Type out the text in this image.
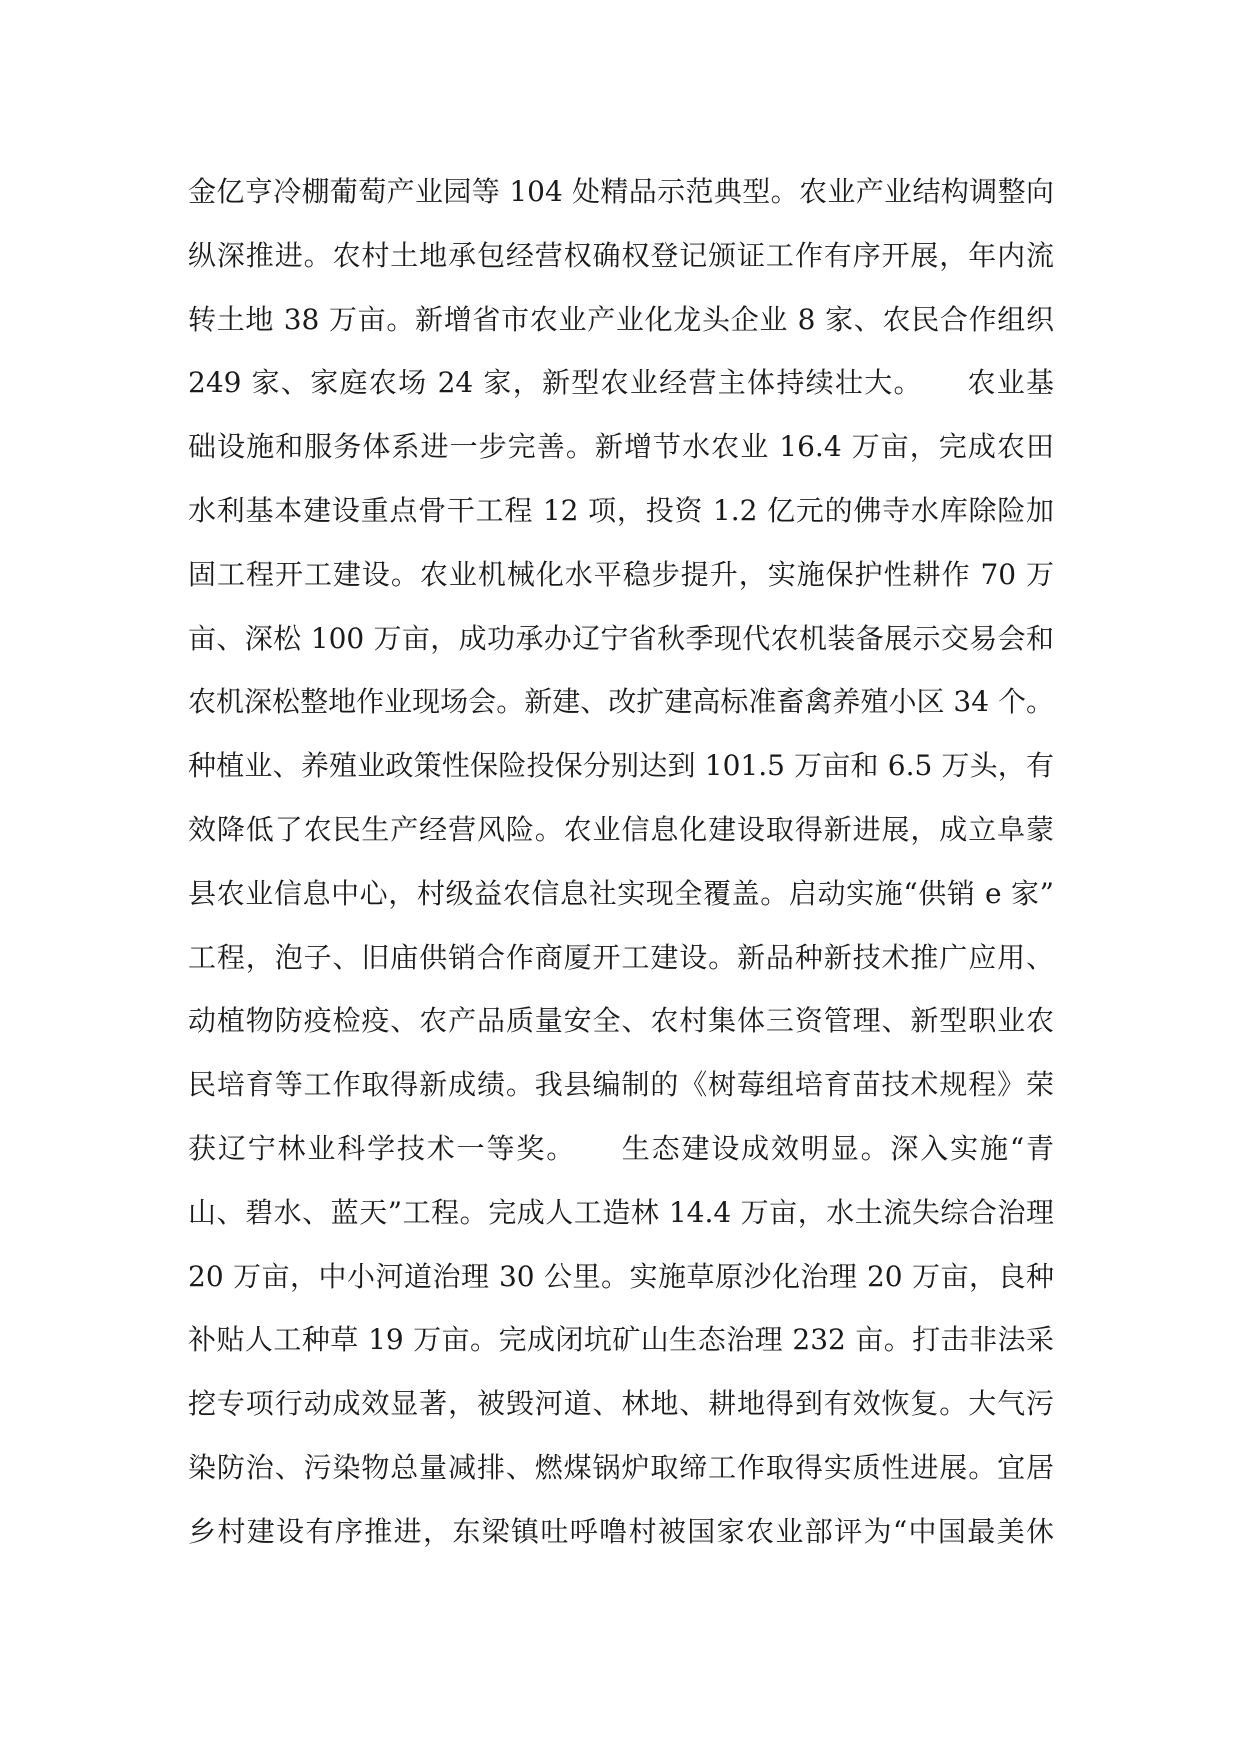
金亿亨冷棚葡萄产业园等 104 处精品示范典型。农业产业结构调整向
纵深推进。农村土地承包经营权确权登记颁证工作有序开展，年内流
转土地 38 万亩。新增省市农业产业化龙头企业 8 家、农民合作组织
249 家、家庭农场 24 家，新型农业经营主体持续壮大。　　农业基
础设施和服务体系进一步完善。新增节水农业 16.4 万亩，完成农田
水利基本建设重点骨干工程 12 项，投资 1.2 亿元的佛寺水库除险加
固工程开工建设。农业机械化水平稳步提升，实施保护性耕作 70 万
亩、深松 100 万亩，成功承办辽宁省秋季现代农机装备展示交易会和
农机深松整地作业现场会。新建、改扩建高标准畜禽养殖小区 34 个。
种植业、养殖业政策性保险投保分别达到 101.5 万亩和 6.5 万头，有
效降低了农民生产经营风险。农业信息化建设取得新进展，成立阜蒙
县农业信息中心，村级益农信息社实现全覆盖。启动实施“供销 e 家”
工程，泡子、旧庙供销合作商厦开工建设。新品种新技术推广应用、
动植物防疫检疫、农产品质量安全、农村集体三资管理、新型职业农
民培育等工作取得新成绩。我县编制的《树莓组培育苗技术规程》荣
获辽宁林业科学技术一等奖。　　生态建设成效明显。深入实施“青
山、碧水、蓝天”工程。完成人工造林 14.4 万亩，水土流失综合治理
20 万亩，中小河道治理 30 公里。实施草原沙化治理 20 万亩，良种
补贴人工种草 19 万亩。完成闭坑矿山生态治理 232 亩。打击非法采
挖专项行动成效显著，被毁河道、林地、耕地得到有效恢复。大气污
染防治、污染物总量减排、燃煤锅炉取缔工作取得实质性进展。宜居
乡村建设有序推进，东梁镇吐呼噜村被国家农业部评为“中国最美休
